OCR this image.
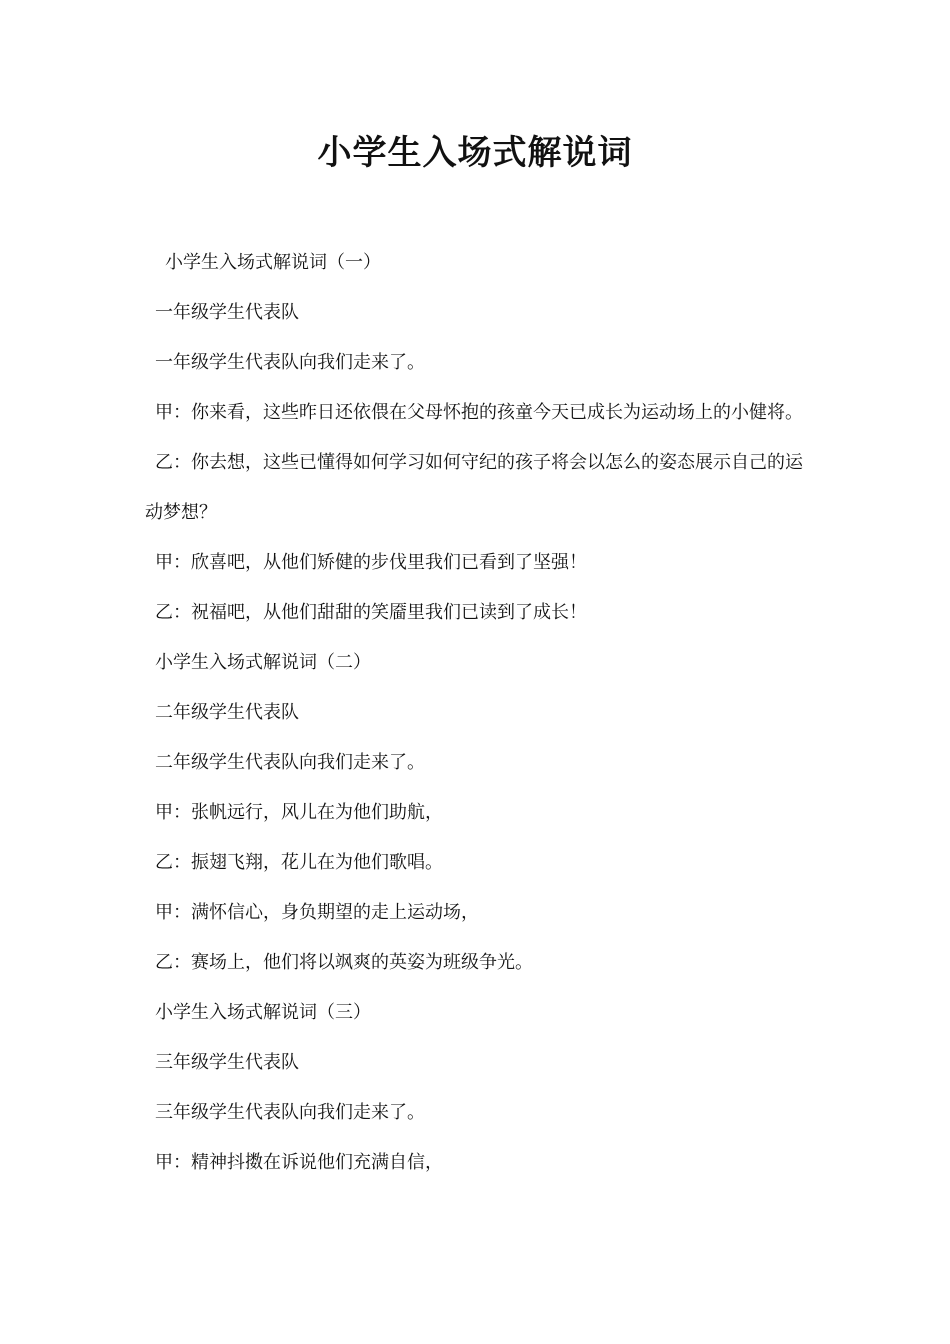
小学生入场式解说词

小学生入场式解说词（一）

一年级学生代表队

一年级学生代表队向我们走来了。

甲：你来看，这些昨日还依偎在父母怀抱的孩童今天已成长为运动场上的小健将。

乙：你去想，这些已懂得如何学习如何守纪的孩子将会以怎么的姿态展示自己的运动梦想？

甲：欣喜吧，从他们矫健的步伐里我们已看到了坚强！

乙：祝福吧，从他们甜甜的笑靥里我们已读到了成长！

小学生入场式解说词（二）

二年级学生代表队

二年级学生代表队向我们走来了。

甲：张帆远行，风儿在为他们助航，

乙：振翅飞翔，花儿在为他们歌唱。

甲：满怀信心，身负期望的走上运动场，

乙：赛场上，他们将以飒爽的英姿为班级争光。

小学生入场式解说词（三）

三年级学生代表队

三年级学生代表队向我们走来了。

甲：精神抖擞在诉说他们充满自信，
